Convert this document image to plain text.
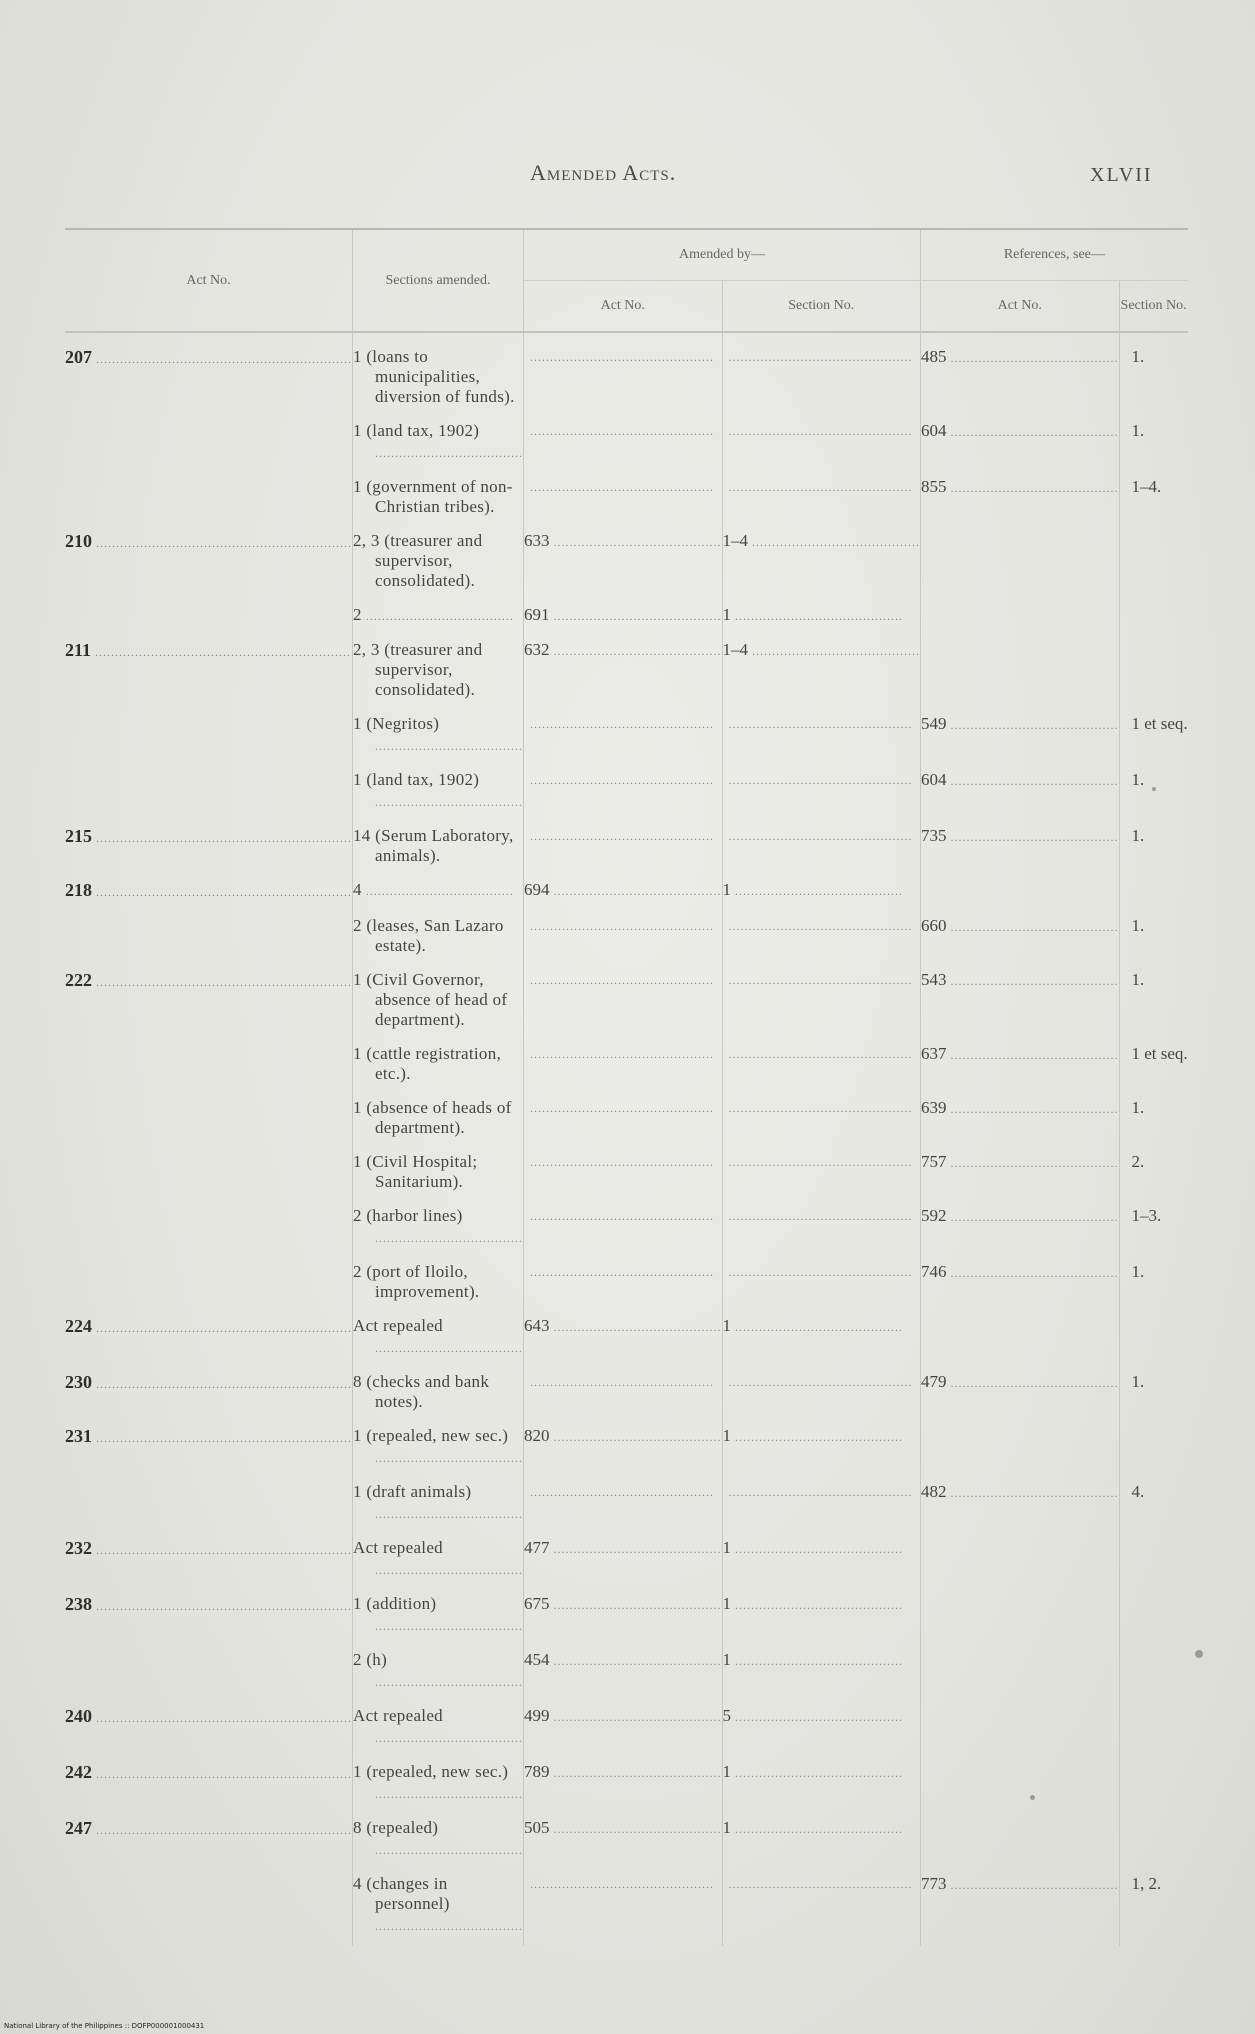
Amended Acts.	XLVII
Act No.	Sections amended.	Amended by—		References, see—	
		Act No.	Section No.	Act No.	Section No.

207 .....	1 (loans to municipalities, diversion of funds).	..............................................	..............................................	485 .....	1.

	1 (land tax, 1902) .....	..............................................	..............................................	604 .....	1.

	1 (government of non-Christian tribes).	..............................................	..............................................	855 .....	1–4.

210 .....	2, 3 (treasurer and supervisor, consolidated).	633 .....	1–4 .....

	2 .....	691 .....	1 .....

211 .....	2, 3 (treasurer and supervisor, consolidated).	632 .....	1–4 .....

	1 (Negritos) .....	..............................................	..............................................	549 .....	1 et seq.

	1 (land tax, 1902) .....	..............................................	..............................................	604 .....	1.

215 .....	14 (Serum Laboratory, animals).	..............................................	..............................................	735 .....	1.

218 .....	4 .....	694 .....	1 .....

	2 (leases, San Lazaro estate).	..............................................	..............................................	660 .....	1.

222 .....	1 (Civil Governor, absence of head of department).	..............................................	..............................................	543 .....	1.

	1 (cattle registration, etc.).	..............................................	..............................................	637 .....	1 et seq.

	1 (absence of heads of department).	..............................................	..............................................	639 .....	1.

	1 (Civil Hospital; Sanitarium).	..............................................	..............................................	757 .....	2.

	2 (harbor lines) .....	..............................................	..............................................	592 .....	1–3.

	2 (port of Iloilo, improvement).	..............................................	..............................................	746 .....	1.

224 .....	Act repealed .....	643 .....	1 .....

230 .....	8 (checks and bank notes).	..............................................	..............................................	479 .....	1.

231 .....	1 (repealed, new sec.) .....	820 .....	1 .....

	1 (draft animals) .....	..............................................	..............................................	482 .....	4.

232 .....	Act repealed .....	477 .....	1 .....

238 .....	1 (addition) .....	675 .....	1 .....

	2 (h) .....	454 .....	1 .....

240 .....	Act repealed .....	499 .....	5 .....

242 .....	1 (repealed, new sec.) .....	789 .....	1 .....

247 .....	8 (repealed) .....	505 .....	1 .....

	4 (changes in personnel) .....	..............................................	..............................................	773 .....	1, 2.
National Library of the Philippines :: DOFP000001000431
